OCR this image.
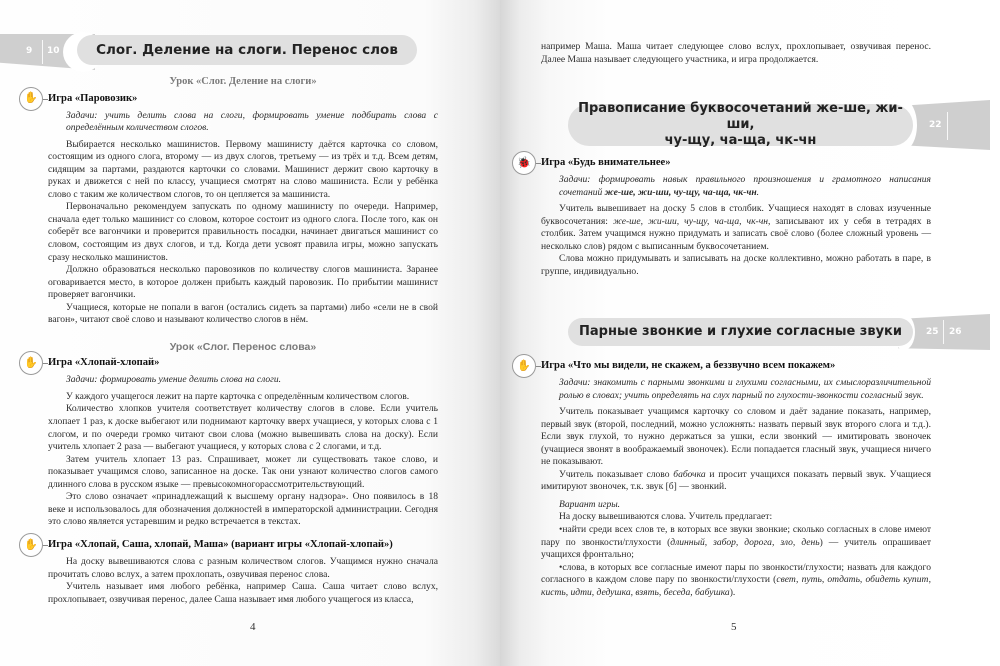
9 10	Слог. Деление на слоги. Перенос слов
Урок «Слог. Деление на слоги»
✋ Игра «Паровозик»
Задачи: учить делить слова на слоги, формировать умение подбирать слова с определённым количеством слогов.

Выбирается несколько машинистов. Первому машинисту даётся карточка со словом, состоящим из одного слога, второму — из двух слогов, третьему — из трёх и т.д. Всем детям, сидящим за партами, раздаются карточки со словами. Машинист держит свою карточку в руках и движется с ней по классу, учащиеся смотрят на слово машиниста. Если у ребёнка слово с таким же количеством слогов, то он цепляется за машиниста.

Первоначально рекомендуем запускать по одному машинисту по очереди. Например, сначала едет только машинист со словом, которое состоит из одного слога. После того, как он соберёт все вагончики и проверится правильность посадки, начинает двигаться машинист со словом, состоящим из двух слогов, и т.д. Когда дети усвоят правила игры, можно запускать сразу несколько машинистов.

Должно образоваться несколько паровозиков по количеству слогов машиниста. Заранее оговаривается место, в которое должен прибыть каждый паровозик. По прибытии машинист проверяет вагончики.

Учащиеся, которые не попали в вагон (остались сидеть за партами) либо «сели не в свой вагон», читают своё слово и называют количество слогов в нём.

Урок «Слог. Перенос слова»
✋ Игра «Хлопай-хлопай»
Задачи: формировать умение делить слова на слоги.

У каждого учащегося лежит на парте карточка с определённым количеством слогов.

Количество хлопков учителя соответствует количеству слогов в слове. Если учитель хлопает 1 раз, к доске выбегают или поднимают карточку вверх учащиеся, у которых слова с 1 слогом, и по очереди громко читают свои слова (можно вывешивать слова на доску). Если учитель хлопает 2 раза — выбегают учащиеся, у которых слова с 2 слогами, и т.д.

Затем учитель хлопает 13 раз. Спрашивает, может ли существовать такое слово, и показывает учащимся слово, записанное на доске. Так они узнают количество слогов самого длинного слова в русском языке — превысокомногорассмотрительствующий.

Это слово означает «принадлежащий к высшему органу надзора». Оно появилось в 18 веке и использовалось для обозначения должностей в императорской администрации. Сегодня это слово является устаревшим и редко встречается в текстах.

✋ Игра «Хлопай, Саша, хлопай, Маша» (вариант игры «Хлопай-хлопай»)

На доску вывешиваются слова с разным количеством слогов. Учащимся нужно сначала прочитать слово вслух, а затем прохлопать, озвучивая перенос слова.

Учитель называет имя любого ребёнка, например Саша. Саша читает слово вслух, прохлопывает, озвучивая перенос, далее Саша называет имя любого учащегося из класса,

4

например Маша. Маша читает следующее слово вслух, прохлопывает, озвучивая перенос. Далее Маша называет следующего участника, и игра продолжается.

Правописание буквосочетаний же-ше, жи-ши,
чу-щу, ча-ща, чк-чн
22
🐞 Игра «Будь внимательнее»
Задачи: формировать навык правильного произношения и грамотного написания сочетаний же-ше, жи-ши, чу-щу, ча-ща, чк-чн.

Учитель вывешивает на доску 5 слов в столбик. Учащиеся находят в словах изученные буквосочетания: же-ше, жи-ши, чу-щу, ча-ща, чк-чн, записывают их у себя в тетрадях в столбик. Затем учащимся нужно придумать и записать своё слово (более сложный уровень — несколько слов) рядом с выписанным буквосочетанием.

Слова можно придумывать и записывать на доске коллективно, можно работать в паре, в группе, индивидуально.

Парные звонкие и глухие согласные звуки	25 26
✋ Игра «Что мы видели, не скажем, а беззвучно всем покажем»
Задачи: знакомить с парными звонкими и глухими согласными, их смыслоразличительной ролью в словах; учить определять на слух парный по глухости-звонкости согласный звук.

Учитель показывает учащимся карточку со словом и даёт задание показать, например, первый звук (второй, последний, можно усложнять: назвать первый звук второго слога и т.д.). Если звук глухой, то нужно держаться за ушки, если звонкий — имитировать звоночек (учащиеся звонят в воображаемый звоночек). Если попадается гласный звук, учащиеся ничего не показывают.

Учитель показывает слово бабочка и просит учащихся показать первый звук. Учащиеся имитируют звоночек, т.к. звук [б] — звонкий.

Вариант игры.

На доску вывешиваются слова. Учитель предлагает:

•найти среди всех слов те, в которых все звуки звонкие; сколько согласных в слове имеют пару по звонкости/глухости (длинный, забор, дорога, зло, день) — учитель опрашивает учащихся фронтально;

•слова, в которых все согласные имеют пары по звонкости/глухости; назвать для каждого согласного в каждом слове пару по звонкости/глухости (свет, путь, отдать, обидеть купит, кисть, идти, дедушка, взять, беседа, бабушка).

5
